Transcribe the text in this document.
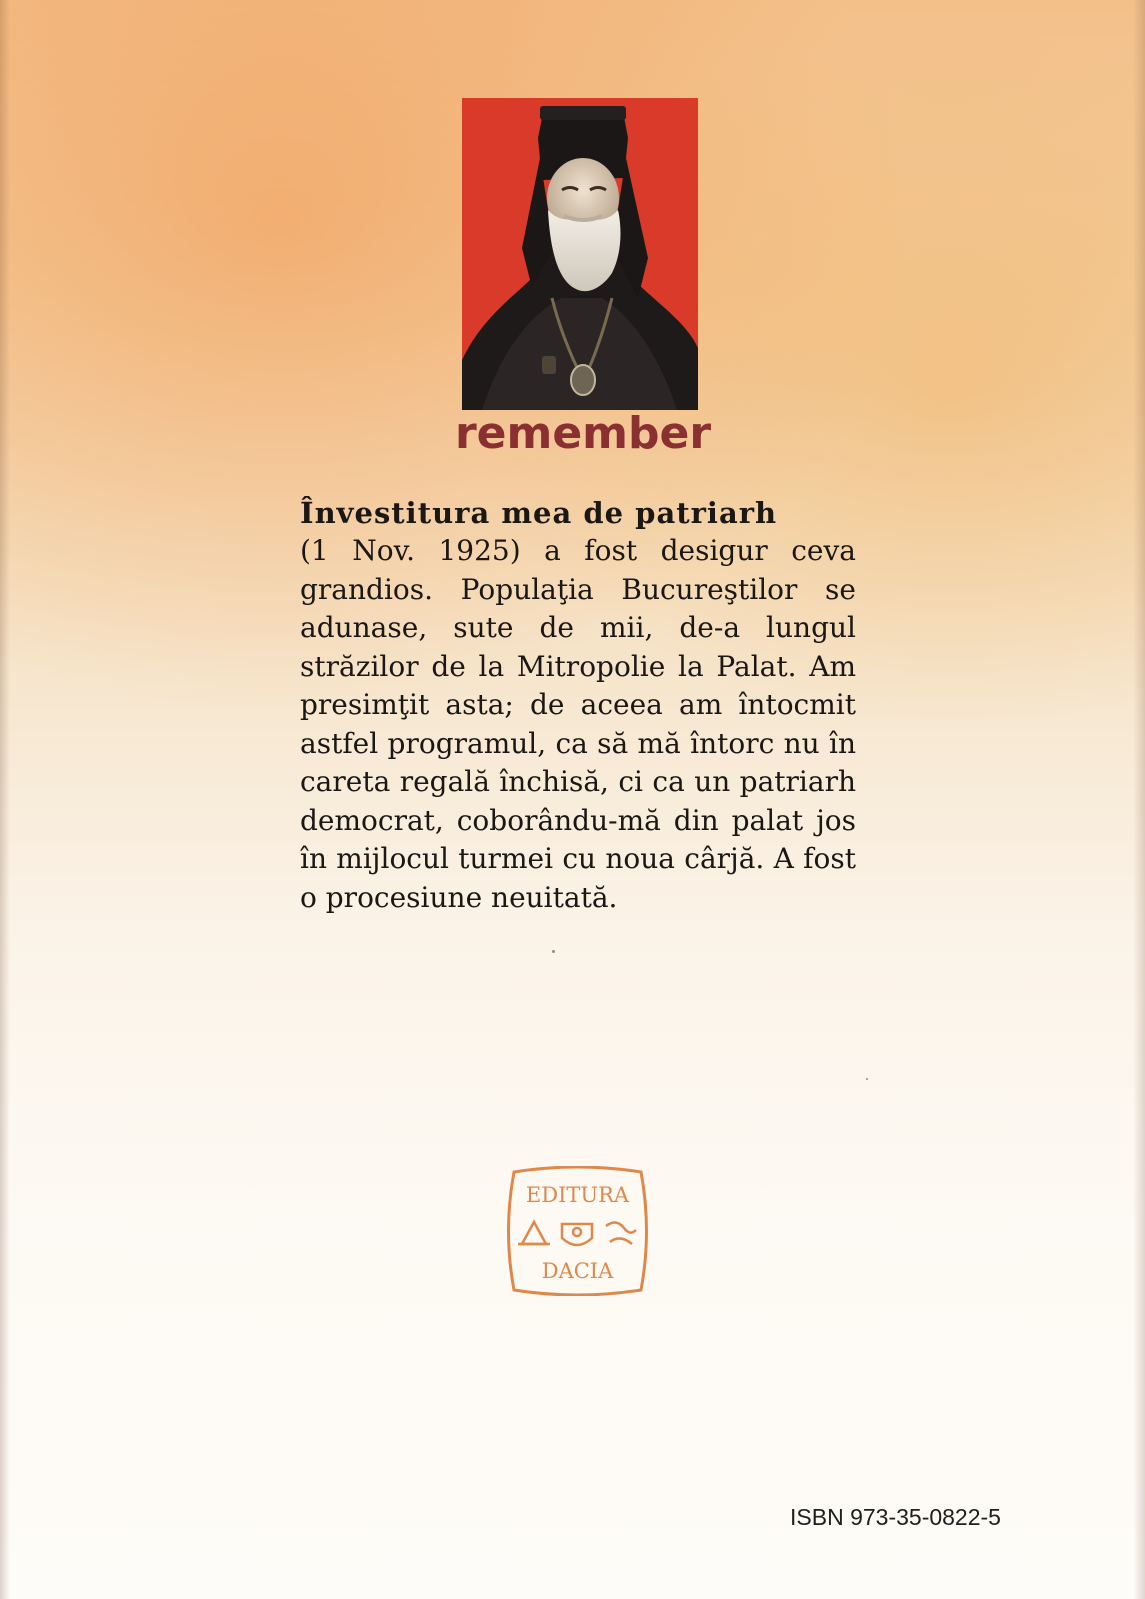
remember

Învestitura mea de patriarh

(1 Nov. 1925) a fost desigur ceva grandios. Populaţia Bucureştilor se adunase, sute de mii, de-a lungul străzilor de la Mitropolie la Palat. Am presimţit asta; de aceea am întocmit astfel programul, ca să mă întorc nu în careta regală închisă, ci ca un patriarh democrat, coborându-mă din palat jos în mijlocul turmei cu noua cârjă. A fost o procesiune neuitată.

EDITURA
DACIA
ISBN 973-35-0822-5
